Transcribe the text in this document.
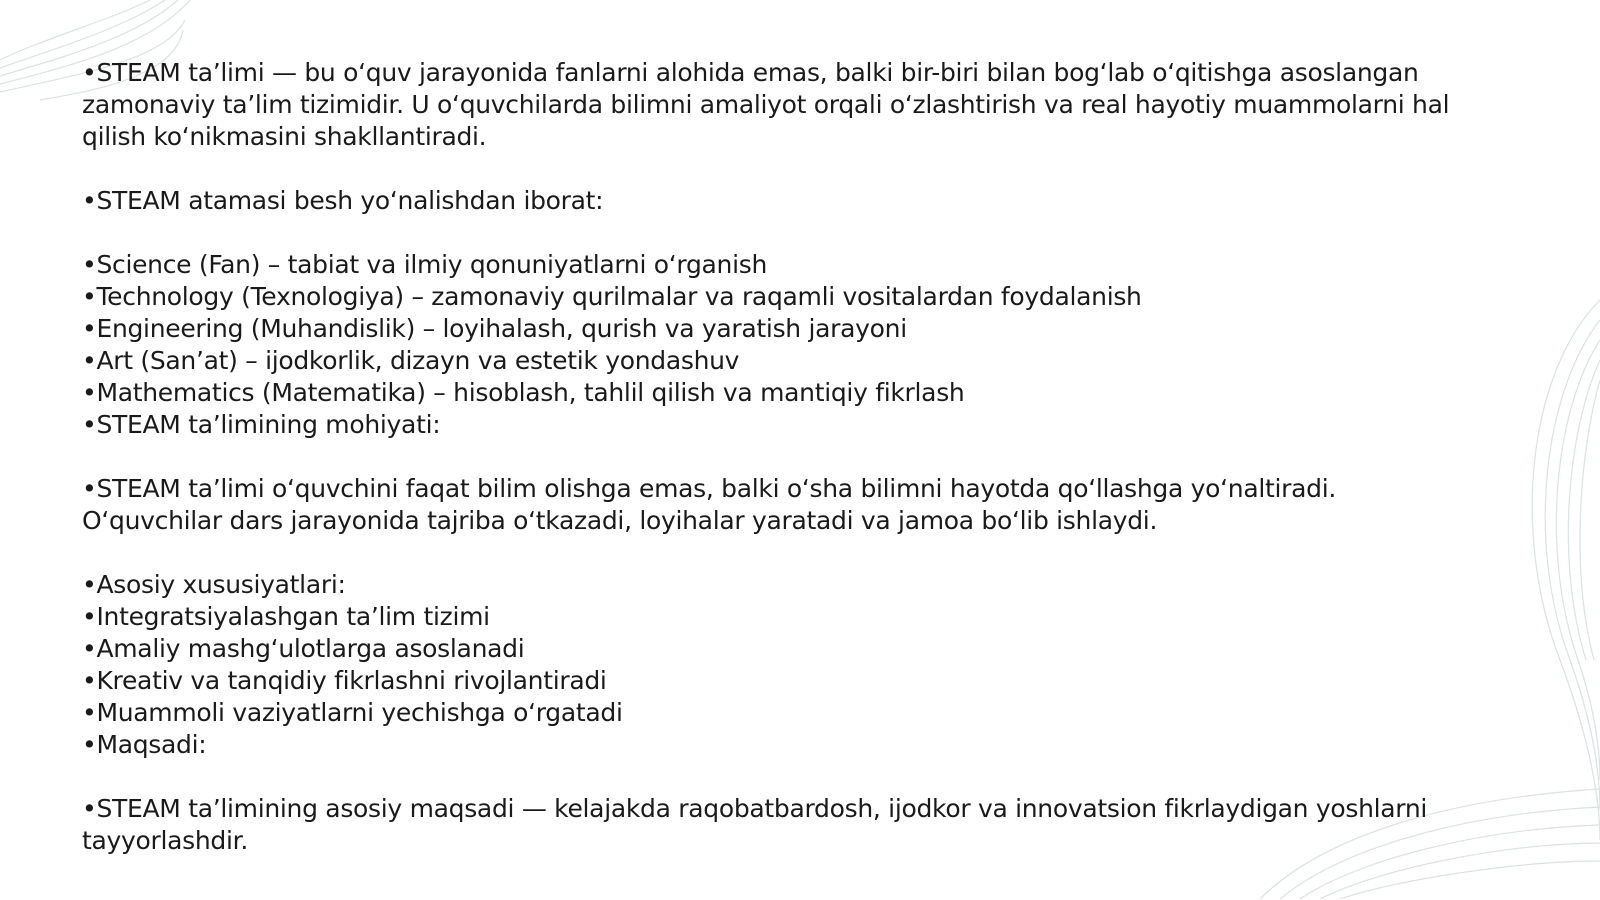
•STEAM ta’limi — bu o‘quv jarayonida fanlarni alohida emas, balki bir-biri bilan bog‘lab o‘qitishga asoslangan zamonaviy ta’lim tizimidir. U o‘quvchilarda bilimni amaliyot orqali o‘zlashtirish va real hayotiy muammolarni hal qilish ko‘nikmasini shakllantiradi.
•STEAM atamasi besh yo‘nalishdan iborat:
•Science (Fan) – tabiat va ilmiy qonuniyatlarni o‘rganish
•Technology (Texnologiya) – zamonaviy qurilmalar va raqamli vositalardan foydalanish
•Engineering (Muhandislik) – loyihalash, qurish va yaratish jarayoni
•Art (San’at) – ijodkorlik, dizayn va estetik yondashuv
•Mathematics (Matematika) – hisoblash, tahlil qilish va mantiqiy fikrlash
•STEAM ta’limining mohiyati:
•STEAM ta’limi o‘quvchini faqat bilim olishga emas, balki o‘sha bilimni hayotda qo‘llashga yo‘naltiradi. O‘quvchilar dars jarayonida tajriba o‘tkazadi, loyihalar yaratadi va jamoa bo‘lib ishlaydi.
•Asosiy xususiyatlari:
•Integratsiyalashgan ta’lim tizimi
•Amaliy mashg‘ulotlarga asoslanadi
•Kreativ va tanqidiy fikrlashni rivojlantiradi
•Muammoli vaziyatlarni yechishga o‘rgatadi
•Maqsadi:
•STEAM ta’limining asosiy maqsadi — kelajakda raqobatbardosh, ijodkor va innovatsion fikrlaydigan yoshlarni tayyorlashdir.
